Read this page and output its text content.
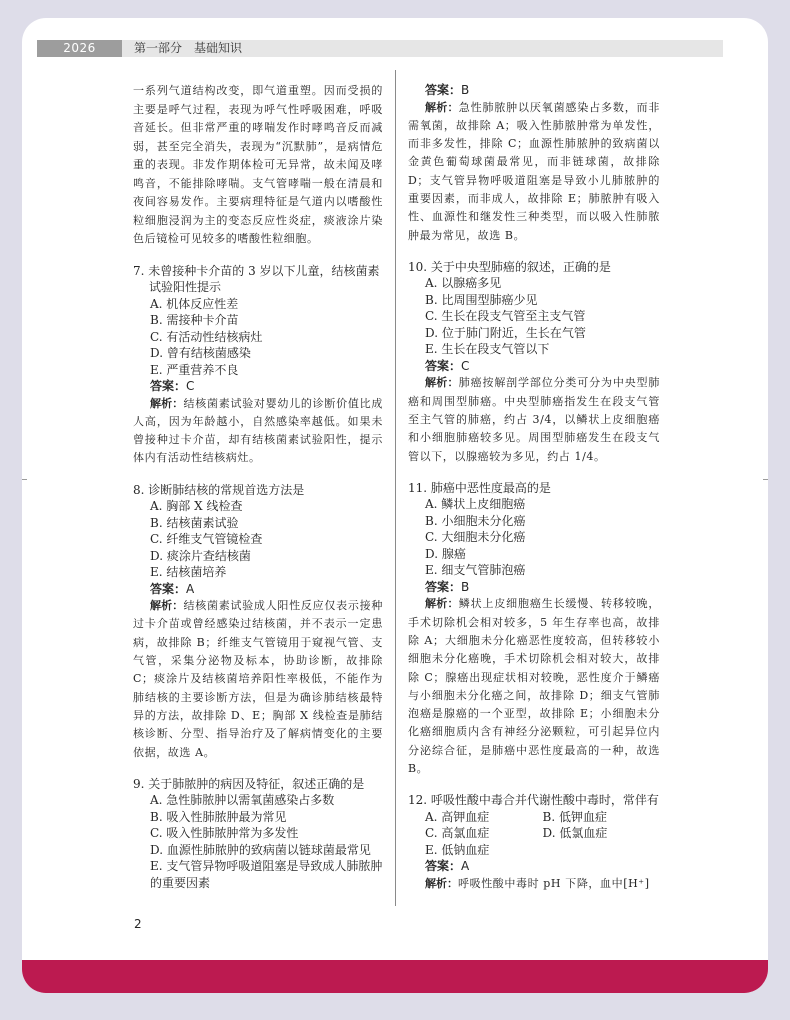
2026	第一部分　基础知识
一系列气道结构改变，即气道重塑。因而受损的主要是呼气过程，表现为呼气性呼吸困难，呼吸音延长。但非常严重的哮喘发作时哮鸣音反而减弱，甚至完全消失，表现为“沉默肺”，是病情危重的表现。非发作期体检可无异常，故未闻及哮鸣音，不能排除哮喘。支气管哮喘一般在清晨和夜间容易发作。主要病理特征是气道内以嗜酸性粒细胞浸润为主的变态反应性炎症，痰液涂片染色后镜检可见较多的嗜酸性粒细胞。
7. 未曾接种卡介苗的 3 岁以下儿童，结核菌素试验阳性提示
A. 机体反应性差
B. 需接种卡介苗
C. 有活动性结核病灶
D. 曾有结核菌感染
E. 严重营养不良
答案：C
解析：结核菌素试验对婴幼儿的诊断价值比成人高，因为年龄越小，自然感染率越低。如果未曾接种过卡介苗，却有结核菌素试验阳性，提示体内有活动性结核病灶。
8. 诊断肺结核的常规首选方法是
A. 胸部 X 线检查
B. 结核菌素试验
C. 纤维支气管镜检查
D. 痰涂片查结核菌
E. 结核菌培养
答案：A
解析：结核菌素试验成人阳性反应仅表示接种过卡介苗或曾经感染过结核菌，并不表示一定患病，故排除 B；纤维支气管镜用于窥视气管、支气管，采集分泌物及标本，协助诊断，故排除 C；痰涂片及结核菌培养阳性率极低，不能作为肺结核的主要诊断方法，但是为确诊肺结核最特异的方法，故排除 D、E；胸部 X 线检查是肺结核诊断、分型、指导治疗及了解病情变化的主要依据，故选 A。
9. 关于肺脓肿的病因及特征，叙述正确的是
A. 急性肺脓肿以需氧菌感染占多数
B. 吸入性肺脓肿最为常见
C. 吸入性肺脓肿常为多发性
D. 血源性肺脓肿的致病菌以链球菌最常见
E. 支气管异物呼吸道阻塞是导致成人肺脓肿的重要因素
答案：B
解析：急性肺脓肿以厌氧菌感染占多数，而非需氧菌，故排除 A；吸入性肺脓肿常为单发性，而非多发性，排除 C；血源性肺脓肿的致病菌以金黄色葡萄球菌最常见，而非链球菌，故排除 D；支气管异物呼吸道阻塞是导致小儿肺脓肿的重要因素，而非成人，故排除 E；肺脓肿有吸入性、血源性和继发性三种类型，而以吸入性肺脓肿最为常见，故选 B。
10. 关于中央型肺癌的叙述，正确的是
A. 以腺癌多见
B. 比周围型肺癌少见
C. 生长在段支气管至主支气管
D. 位于肺门附近，生长在气管
E. 生长在段支气管以下
答案：C
解析：肺癌按解剖学部位分类可分为中央型肺癌和周围型肺癌。中央型肺癌指发生在段支气管至主气管的肺癌，约占 3/4，以鳞状上皮细胞癌和小细胞肺癌较多见。周围型肺癌发生在段支气管以下，以腺癌较为多见，约占 1/4。
11. 肺癌中恶性度最高的是
A. 鳞状上皮细胞癌
B. 小细胞未分化癌
C. 大细胞未分化癌
D. 腺癌
E. 细支气管肺泡癌
答案：B
解析：鳞状上皮细胞癌生长缓慢、转移较晚，手术切除机会相对较多，5 年生存率也高，故排除 A；大细胞未分化癌恶性度较高，但转移较小细胞未分化癌晚，手术切除机会相对较大，故排除 C；腺癌出现症状相对较晚，恶性度介于鳞癌与小细胞未分化癌之间，故排除 D；细支气管肺泡癌是腺癌的一个亚型，故排除 E；小细胞未分化癌细胞质内含有神经分泌颗粒，可引起异位内分泌综合征，是肺癌中恶性度最高的一种，故选 B。
12. 呼吸性酸中毒合并代谢性酸中毒时，常伴有
A. 高钾血症	B. 低钾血症
C. 高氯血症	D. 低氯血症
E. 低钠血症
答案：A
解析：呼吸性酸中毒时 pH 下降，血中[H⁺]
2
